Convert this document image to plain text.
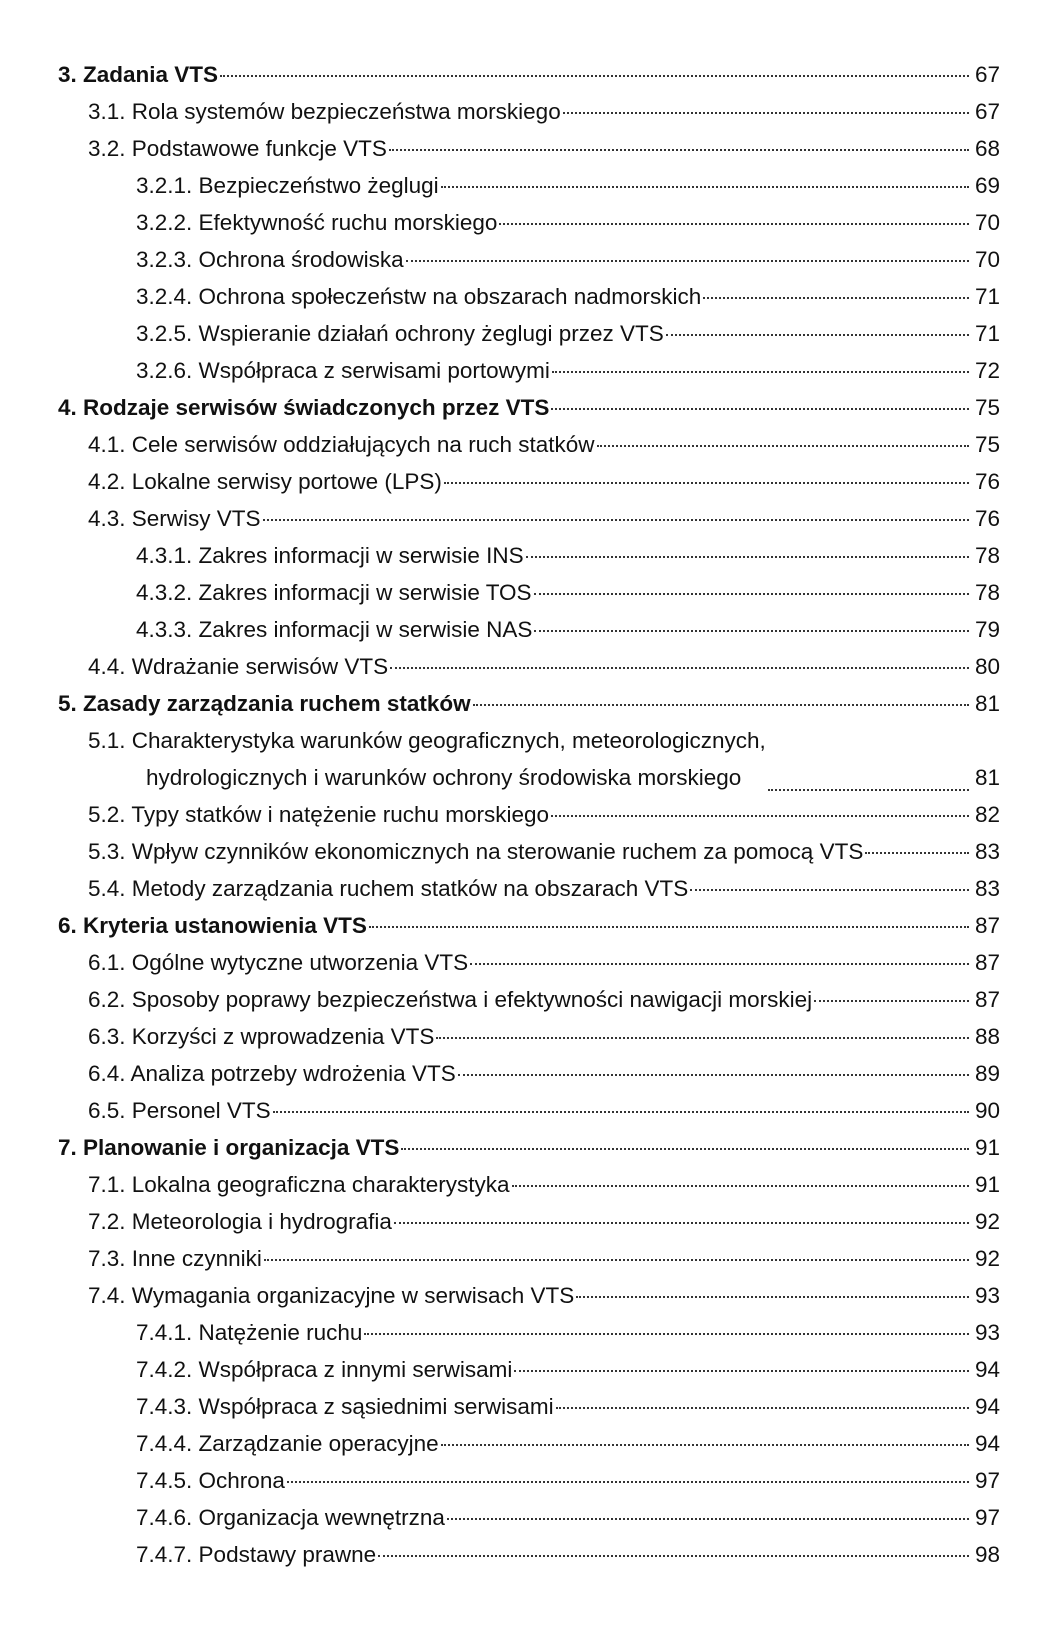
3. Zadania VTS	67
3.1. Rola systemów bezpieczeństwa morskiego	67
3.2. Podstawowe funkcje VTS	68
3.2.1. Bezpieczeństwo żeglugi	69
3.2.2. Efektywność ruchu morskiego	70
3.2.3. Ochrona środowiska	70
3.2.4. Ochrona społeczeństw na obszarach nadmorskich	71
3.2.5. Wspieranie działań ochrony żeglugi przez VTS	71
3.2.6. Współpraca z serwisami portowymi	72
4. Rodzaje serwisów świadczonych przez VTS	75
4.1. Cele serwisów oddziałujących na ruch statków	75
4.2. Lokalne serwisy portowe (LPS)	76
4.3. Serwisy VTS	76
4.3.1. Zakres informacji w serwisie INS	78
4.3.2. Zakres informacji w serwisie TOS	78
4.3.3. Zakres informacji w serwisie NAS	79
4.4. Wdrażanie serwisów VTS	80
5. Zasady zarządzania ruchem statków	81
5.1. Charakterystyka warunków geograficznych, meteorologicznych,
hydrologicznych i warunków ochrony środowiska morskiego	81
5.2. Typy statków i natężenie ruchu morskiego	82
5.3. Wpływ czynników ekonomicznych na sterowanie ruchem za pomocą VTS	83
5.4. Metody zarządzania ruchem statków na obszarach VTS	83
6. Kryteria ustanowienia VTS	87
6.1. Ogólne wytyczne utworzenia VTS	87
6.2. Sposoby poprawy bezpieczeństwa i efektywności nawigacji morskiej	87
6.3. Korzyści z wprowadzenia VTS	88
6.4. Analiza potrzeby wdrożenia VTS	89
6.5. Personel VTS	90
7. Planowanie i organizacja VTS	91
7.1. Lokalna geograficzna charakterystyka	91
7.2. Meteorologia i hydrografia	92
7.3. Inne czynniki	92
7.4. Wymagania organizacyjne w serwisach VTS	93
7.4.1. Natężenie ruchu	93
7.4.2. Współpraca z innymi serwisami	94
7.4.3. Współpraca z sąsiednimi serwisami	94
7.4.4. Zarządzanie operacyjne	94
7.4.5. Ochrona	97
7.4.6. Organizacja wewnętrzna	97
7.4.7. Podstawy prawne	98
